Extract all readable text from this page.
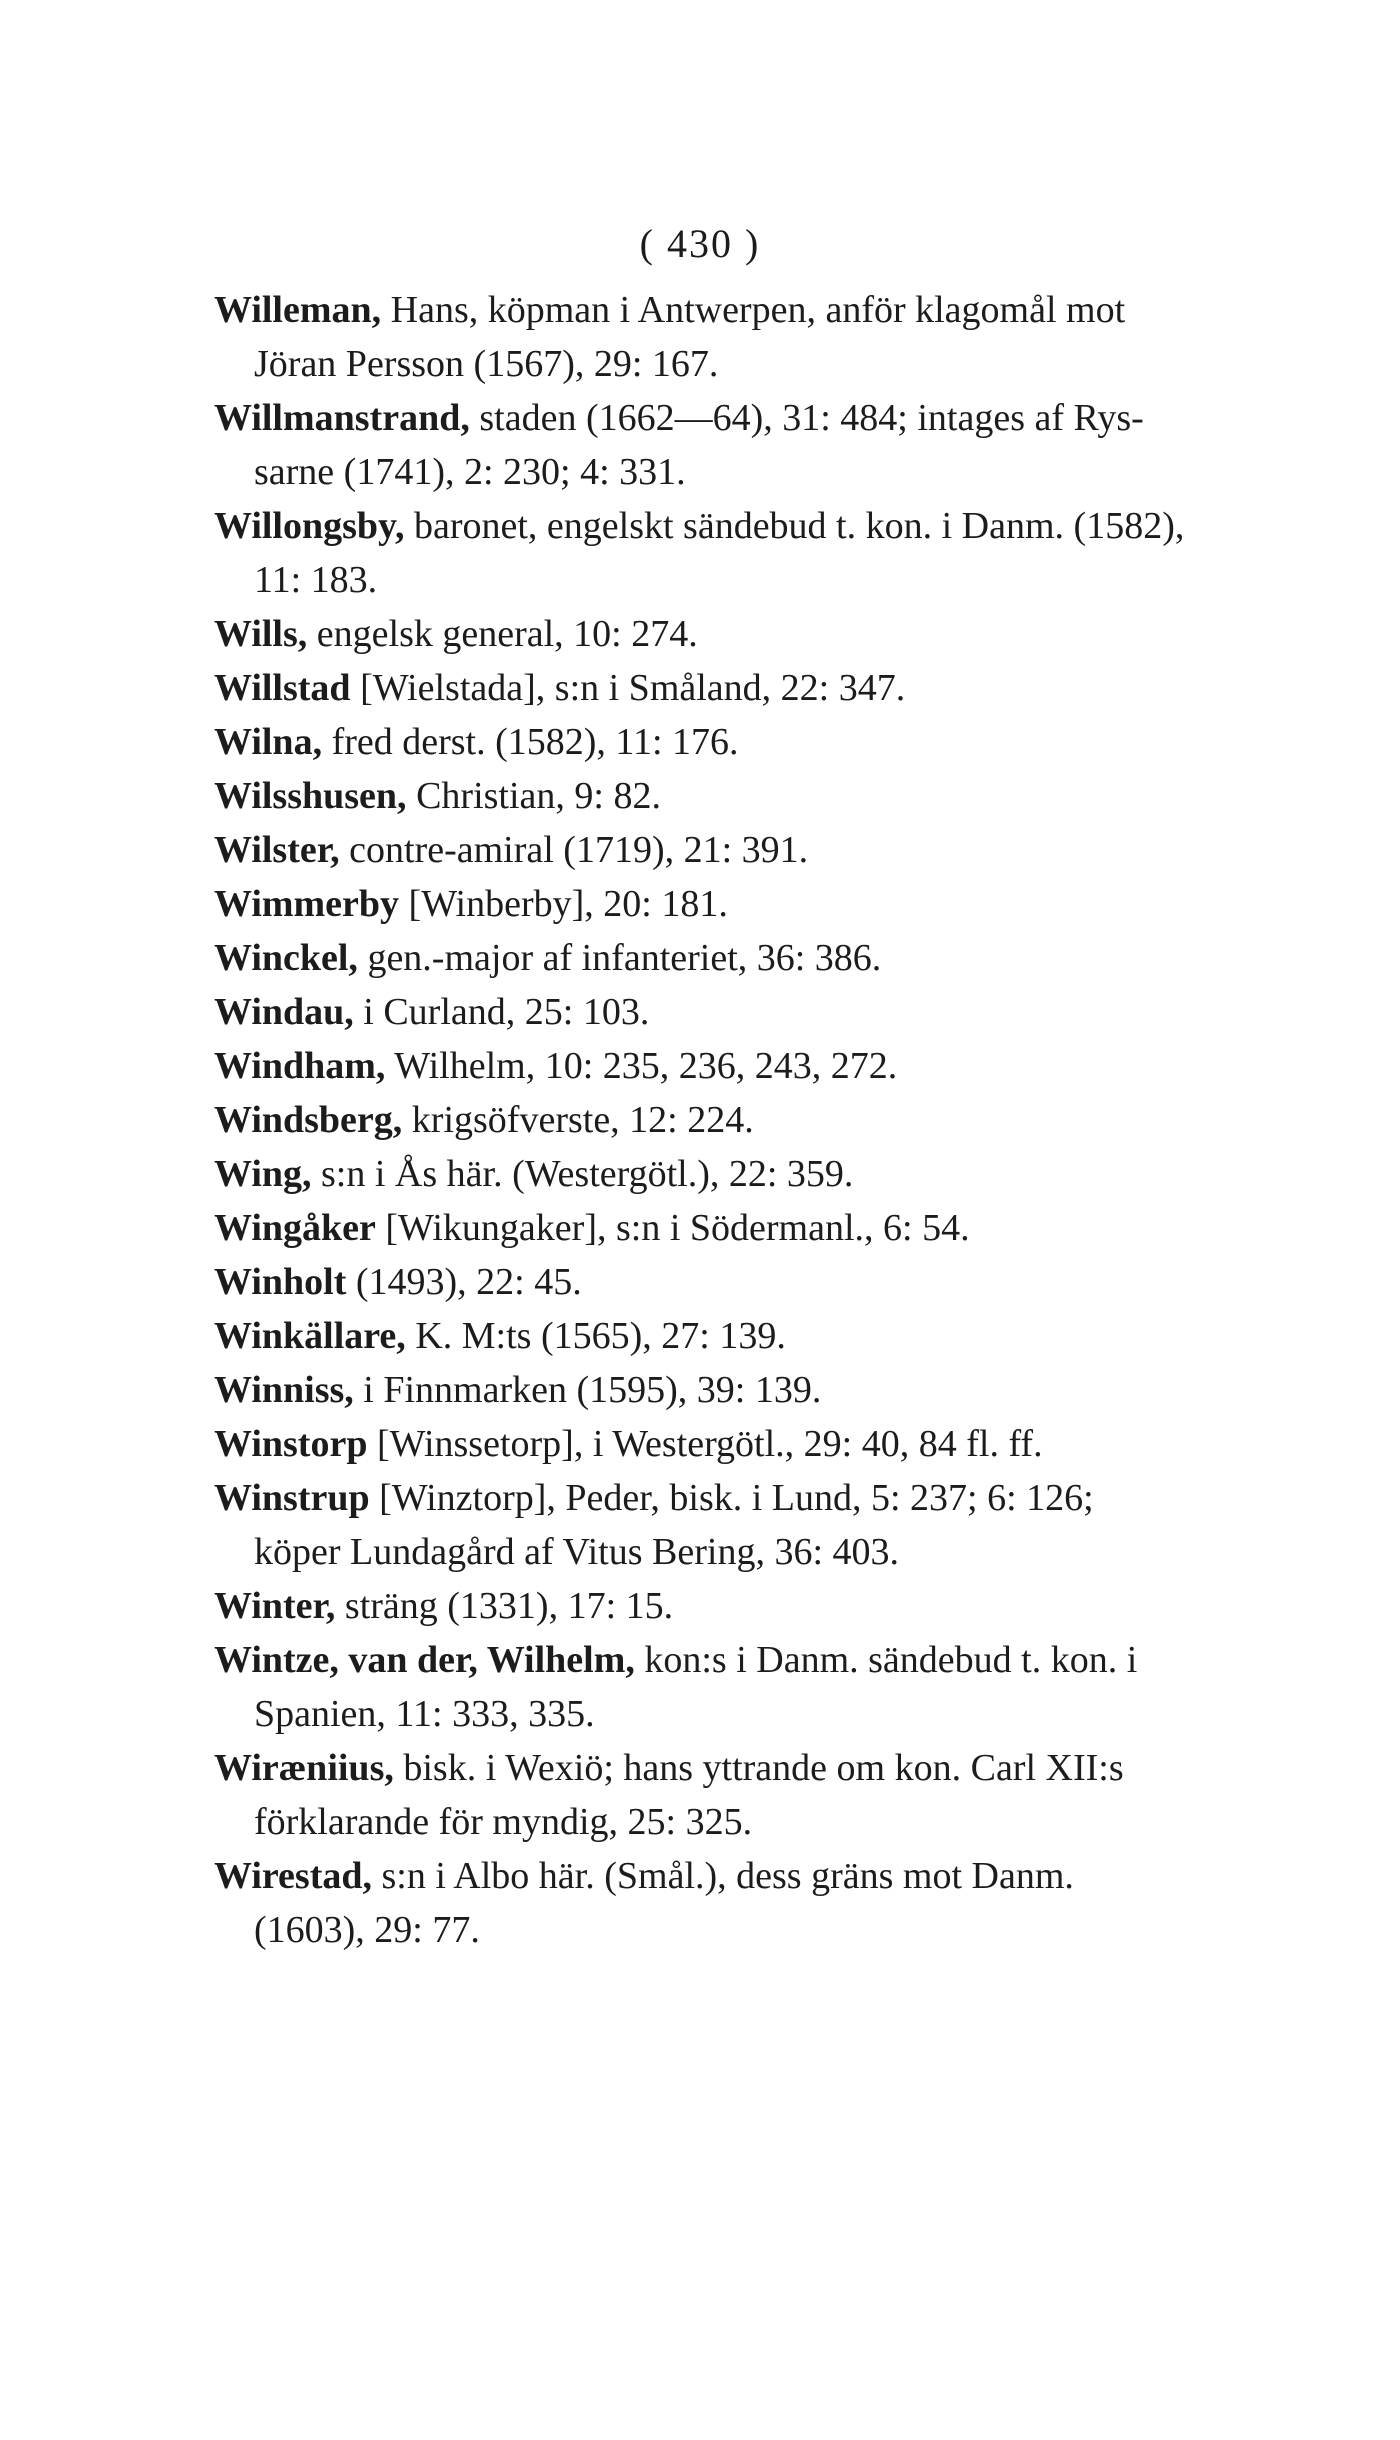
( 430 )
Willeman, Hans, köpman i Antwerpen, anför klagomål mot
Jöran Persson (1567), 29: 167.
Willmanstrand, staden (1662—64), 31: 484; intages af Rys-
sarne (1741), 2: 230; 4: 331.
Willongsby, baronet, engelskt sändebud t. kon. i Danm. (1582),
11: 183.
Wills, engelsk general, 10: 274.
Willstad [Wielstada], s:n i Småland, 22: 347.
Wilna, fred derst. (1582), 11: 176.
Wilsshusen, Christian, 9: 82.
Wilster, contre-amiral (1719), 21: 391.
Wimmerby [Winberby], 20: 181.
Winckel, gen.-major af infanteriet, 36: 386.
Windau, i Curland, 25: 103.
Windham, Wilhelm, 10: 235, 236, 243, 272.
Windsberg, krigsöfverste, 12: 224.
Wing, s:n i Ås här. (Westergötl.), 22: 359.
Wingåker [Wikungaker], s:n i Södermanl., 6: 54.
Winholt (1493), 22: 45.
Winkällare, K. M:ts (1565), 27: 139.
Winniss, i Finnmarken (1595), 39: 139.
Winstorp [Winssetorp], i Westergötl., 29: 40, 84 fl. ff.
Winstrup [Winztorp], Peder, bisk. i Lund, 5: 237; 6: 126;
köper Lundagård af Vitus Bering, 36: 403.
Winter, sträng (1331), 17: 15.
Wintze, van der, Wilhelm, kon:s i Danm. sändebud t. kon. i
Spanien, 11: 333, 335.
Wiræniius, bisk. i Wexiö; hans yttrande om kon. Carl XII:s
förklarande för myndig, 25: 325.
Wirestad, s:n i Albo här. (Smål.), dess gräns mot Danm.
(1603), 29: 77.
